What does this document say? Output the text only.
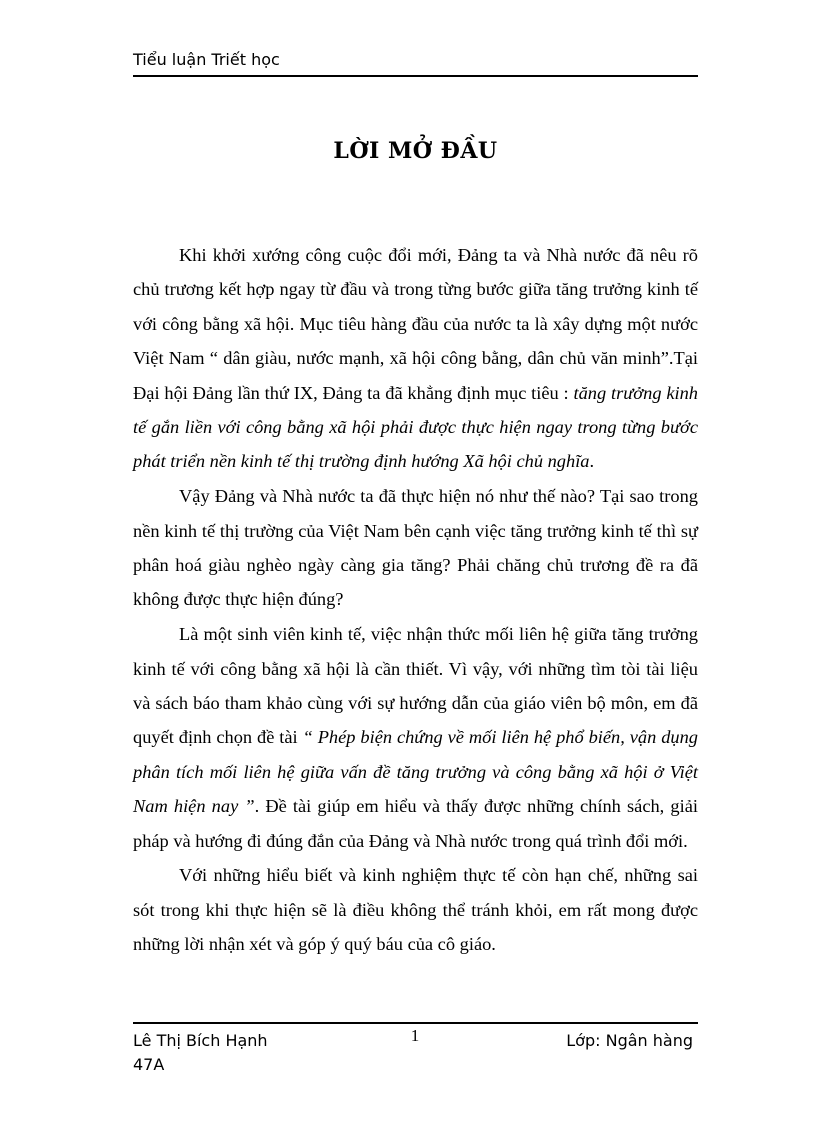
Tiểu luận Triết học
LỜI MỞ ĐẦU

Khi khởi xướng công cuộc đổi mới, Đảng ta và Nhà nước đã nêu rõ chủ trương kết hợp ngay từ đầu và trong từng bước giữa tăng trưởng kinh tế với công bằng xã hội. Mục tiêu hàng đầu của nước ta là xây dựng một nước Việt Nam “ dân giàu, nước mạnh, xã hội công bằng, dân chủ văn minh”.Tại Đại hội Đảng lần thứ IX, Đảng ta đã khẳng định mục tiêu : tăng trưởng kinh tế gắn liền với công bằng xã hội phải được thực hiện ngay trong từng bước phát triển nền kinh tế thị trường định hướng Xã hội chủ nghĩa.

Vậy Đảng và Nhà nước ta đã thực hiện nó như thế nào? Tại sao trong nền kinh tế thị trường của Việt Nam bên cạnh việc tăng trưởng kinh tế thì sự phân hoá giàu nghèo ngày càng gia tăng? Phải chăng chủ trương đề ra đã không được thực hiện đúng?

Là một sinh viên kinh tế, việc nhận thức mối liên hệ giữa tăng trưởng kinh tế với công bằng xã hội là cần thiết. Vì vậy, với những tìm tòi tài liệu và sách báo tham khảo cùng với sự hướng dẫn của giáo viên bộ môn, em đã quyết định chọn đề tài “ Phép biện chứng về mối liên hệ phổ biến, vận dụng phân tích mối liên hệ giữa vấn đề tăng trưởng và công bằng xã hội ở Việt Nam hiện nay ”. Đề tài giúp em hiểu và thấy được những chính sách, giải pháp và hướng đi đúng đắn của Đảng và Nhà nước trong quá trình đổi mới.

Với những hiểu biết và kinh nghiệm thực tế còn hạn chế, những sai sót trong khi thực hiện sẽ là điều không thể tránh khỏi, em rất mong được những lời nhận xét và góp ý quý báu của cô giáo.

Lê Thị Bích Hạnh
47A
1	Lớp: Ngân hàng
